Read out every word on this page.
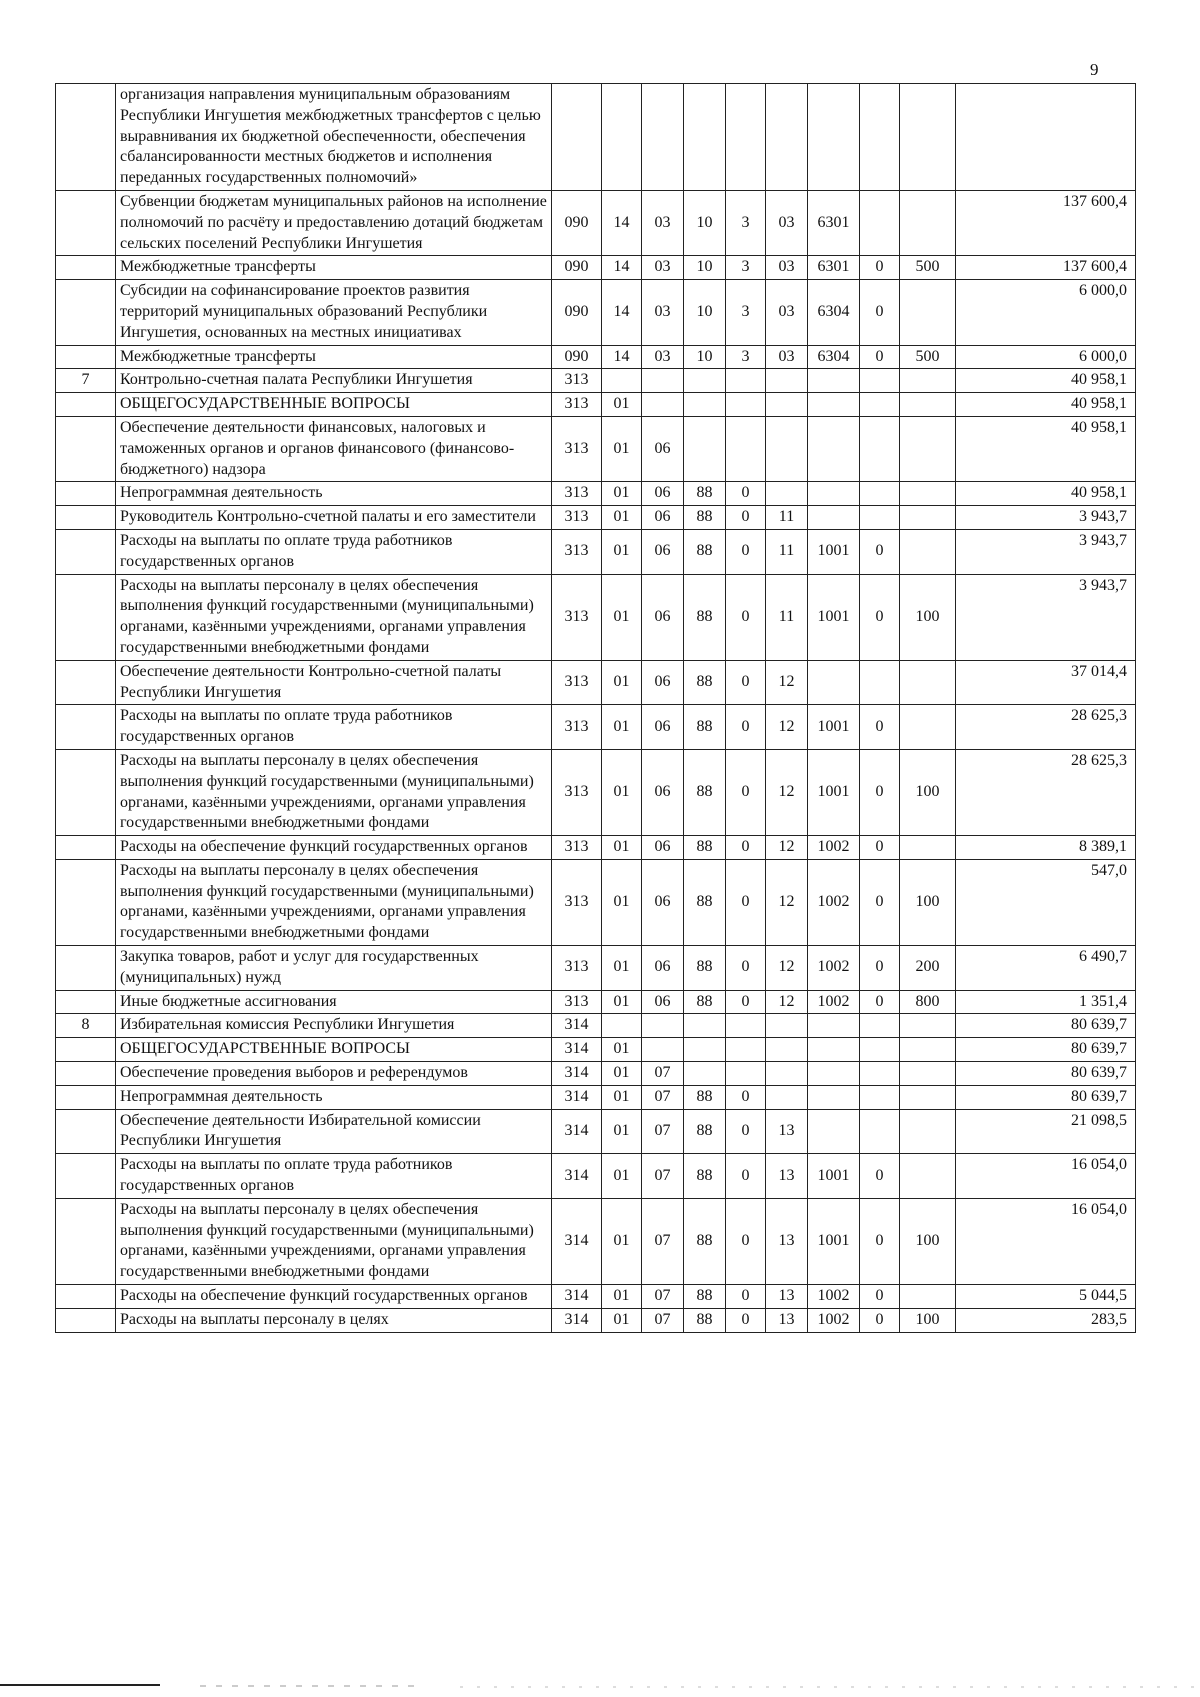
9
	организация направления муниципальным образованиям Республики Ингушетия межбюджетных трансфертов с целью выравнивания их бюджетной обеспеченности, обеспечения сбалансированности местных бюджетов и исполнения переданных государственных полномочий»										
	Субвенции бюджетам муниципальных районов на исполнение полномочий по расчёту и предоставлению дотаций бюджетам сельских поселений Республики Ингушетия	090	14	03	10	3	03	6301			137 600,4
	Межбюджетные трансферты	090	14	03	10	3	03	6301	0	500	137 600,4
	Субсидии на софинансирование проектов развития территорий муниципальных образований Республики Ингушетия, основанных на местных инициативах	090	14	03	10	3	03	6304	0		6 000,0
	Межбюджетные трансферты	090	14	03	10	3	03	6304	0	500	6 000,0
7	Контрольно-счетная палата Республики Ингушетия	313									40 958,1
	ОБЩЕГОСУДАРСТВЕННЫЕ ВОПРОСЫ	313	01								40 958,1
	Обеспечение деятельности финансовых, налоговых и таможенных органов и органов финансового (финансово-бюджетного) надзора	313	01	06							40 958,1
	Непрограммная деятельность	313	01	06	88	0					40 958,1
	Руководитель Контрольно-счетной палаты и его заместители	313	01	06	88	0	11				3 943,7
	Расходы на выплаты по оплате труда работников государственных органов	313	01	06	88	0	11	1001	0		3 943,7
	Расходы на выплаты персоналу в целях обеспечения выполнения функций государственными (муниципальными) органами, казёнными учреждениями, органами управления государственными внебюджетными фондами	313	01	06	88	0	11	1001	0	100	3 943,7
	Обеспечение деятельности Контрольно-счетной палаты Республики Ингушетия	313	01	06	88	0	12				37 014,4
	Расходы на выплаты по оплате труда работников государственных органов	313	01	06	88	0	12	1001	0		28 625,3
	Расходы на выплаты персоналу в целях обеспечения выполнения функций государственными (муниципальными) органами, казёнными учреждениями, органами управления государственными внебюджетными фондами	313	01	06	88	0	12	1001	0	100	28 625,3
	Расходы на обеспечение функций государственных органов	313	01	06	88	0	12	1002	0		8 389,1
	Расходы на выплаты персоналу в целях обеспечения выполнения функций государственными (муниципальными) органами, казёнными учреждениями, органами управления государственными внебюджетными фондами	313	01	06	88	0	12	1002	0	100	547,0
	Закупка товаров, работ и услуг для государственных (муниципальных) нужд	313	01	06	88	0	12	1002	0	200	6 490,7
	Иные бюджетные ассигнования	313	01	06	88	0	12	1002	0	800	1 351,4
8	Избирательная комиссия Республики Ингушетия	314									80 639,7
	ОБЩЕГОСУДАРСТВЕННЫЕ ВОПРОСЫ	314	01								80 639,7
	Обеспечение проведения выборов и референдумов	314	01	07							80 639,7
	Непрограммная деятельность	314	01	07	88	0					80 639,7
	Обеспечение деятельности Избирательной комиссии Республики Ингушетия	314	01	07	88	0	13				21 098,5
	Расходы на выплаты по оплате труда работников государственных органов	314	01	07	88	0	13	1001	0		16 054,0
	Расходы на выплаты персоналу в целях обеспечения выполнения функций государственными (муниципальными) органами, казёнными учреждениями, органами управления государственными внебюджетными фондами	314	01	07	88	0	13	1001	0	100	16 054,0
	Расходы на обеспечение функций государственных органов	314	01	07	88	0	13	1002	0		5 044,5
	Расходы на выплаты персоналу в целях	314	01	07	88	0	13	1002	0	100	283,5
